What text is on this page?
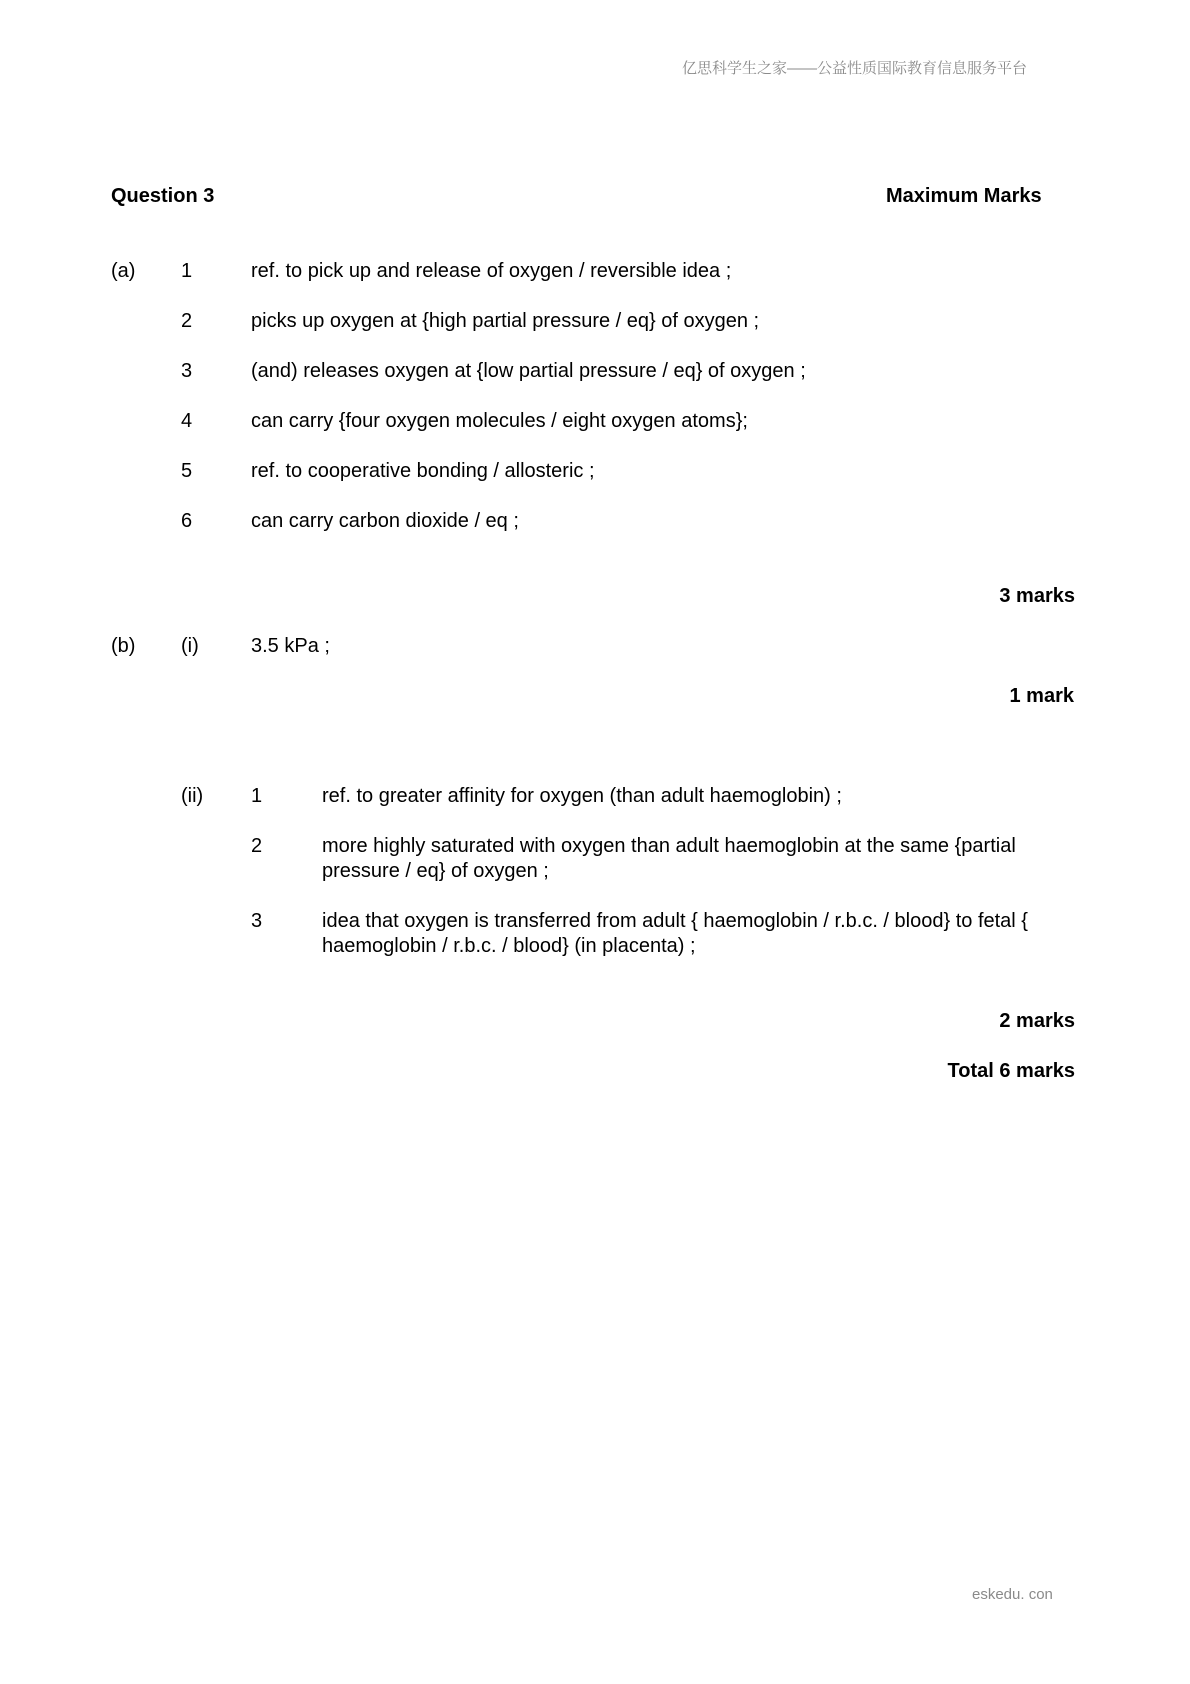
亿思科学生之家——公益性质国际教育信息服务平台
Question 3	Maximum Marks
(a) 1	ref. to pick up and release of oxygen / reversible idea ;
2	picks up oxygen at {high partial pressure / eq} of oxygen ;
3	(and) releases oxygen at {low partial pressure / eq} of oxygen ;
4	can carry {four oxygen molecules / eight oxygen atoms};
5	ref. to cooperative bonding / allosteric ;
6	can carry carbon dioxide / eq ;
3 marks
(b) (i)	3.5 kPa ;
1 mark
(ii) 1	ref. to greater affinity for oxygen (than adult haemoglobin) ;
2	more highly saturated with oxygen than adult haemoglobin at the same {partial pressure / eq} of oxygen ;
3	idea that oxygen is transferred from adult { haemoglobin / r.b.c. / blood} to fetal { haemoglobin / r.b.c. / blood} (in placenta) ;
2 marks
Total 6 marks
eskedu. con
